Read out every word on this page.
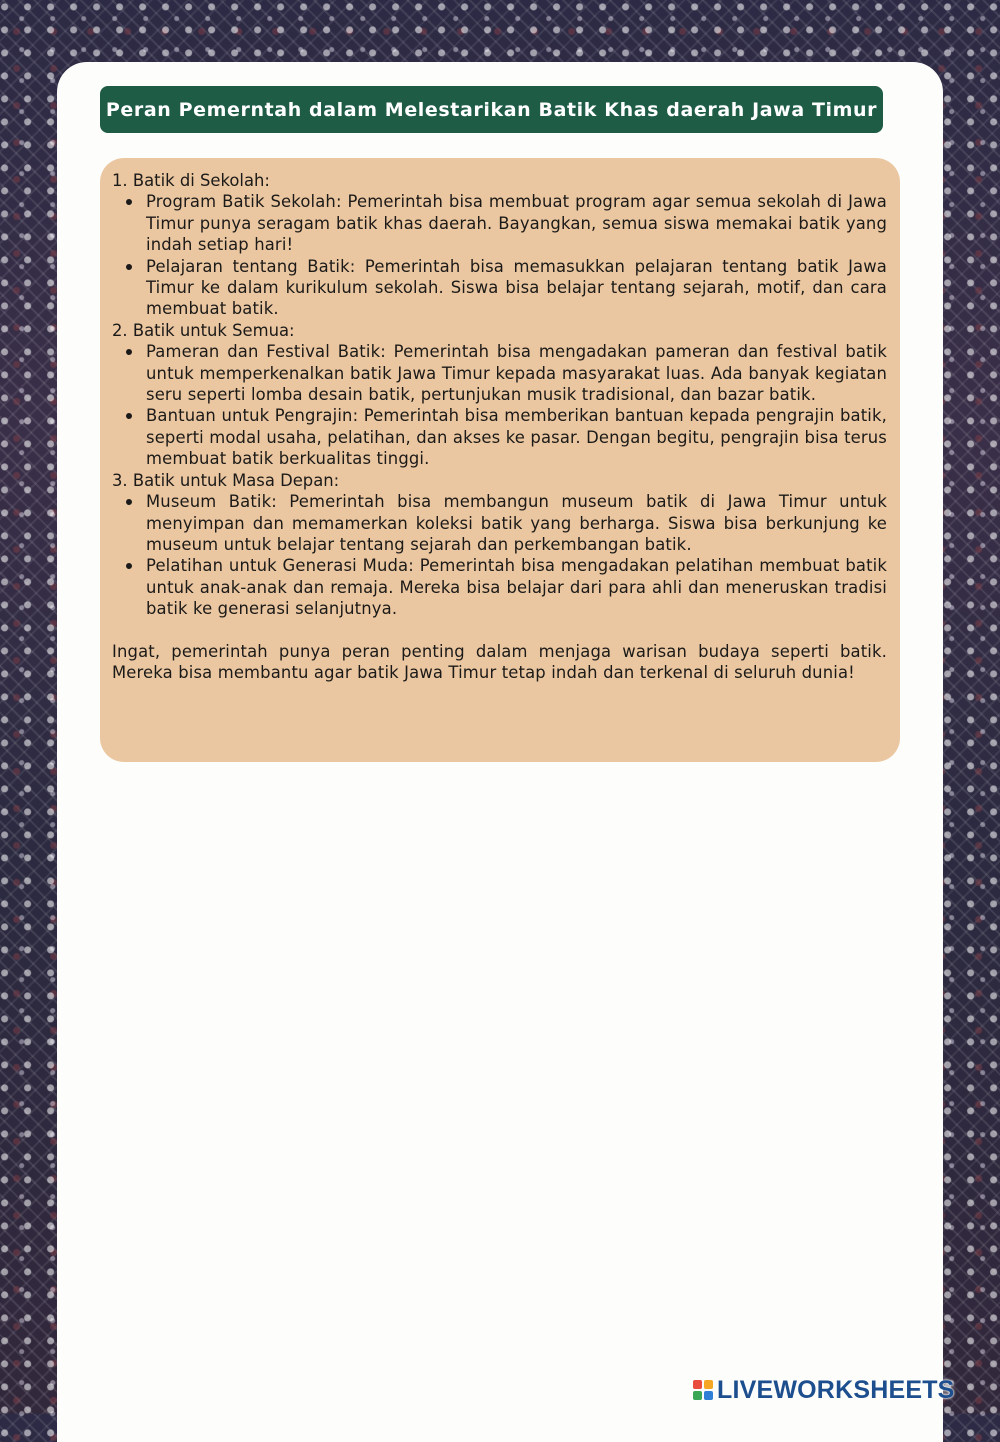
Peran Pemerntah dalam Melestarikan Batik Khas daerah Jawa Timur

1. Batik di Sekolah:

Program Batik Sekolah: Pemerintah bisa membuat program agar semua sekolah di Jawa Timur punya seragam batik khas daerah. Bayangkan, semua siswa memakai batik yang indah setiap hari!
Pelajaran tentang Batik: Pemerintah bisa memasukkan pelajaran tentang batik Jawa Timur ke dalam kurikulum sekolah. Siswa bisa belajar tentang sejarah, motif, dan cara membuat batik.

2. Batik untuk Semua:

Pameran dan Festival Batik: Pemerintah bisa mengadakan pameran dan festival batik untuk memperkenalkan batik Jawa Timur kepada masyarakat luas. Ada banyak kegiatan seru seperti lomba desain batik, pertunjukan musik tradisional, dan bazar batik.
Bantuan untuk Pengrajin: Pemerintah bisa memberikan bantuan kepada pengrajin batik, seperti modal usaha, pelatihan, dan akses ke pasar. Dengan begitu, pengrajin bisa terus membuat batik berkualitas tinggi.

3. Batik untuk Masa Depan:

Museum Batik: Pemerintah bisa membangun museum batik di Jawa Timur untuk menyimpan dan memamerkan koleksi batik yang berharga. Siswa bisa berkunjung ke museum untuk belajar tentang sejarah dan perkembangan batik.
Pelatihan untuk Generasi Muda: Pemerintah bisa mengadakan pelatihan membuat batik untuk anak-anak dan remaja. Mereka bisa belajar dari para ahli dan meneruskan tradisi batik ke generasi selanjutnya.

Ingat, pemerintah punya peran penting dalam menjaga warisan budaya seperti batik. Mereka bisa membantu agar batik Jawa Timur tetap indah dan terkenal di seluruh dunia!

LIVEWORKSHEETS
